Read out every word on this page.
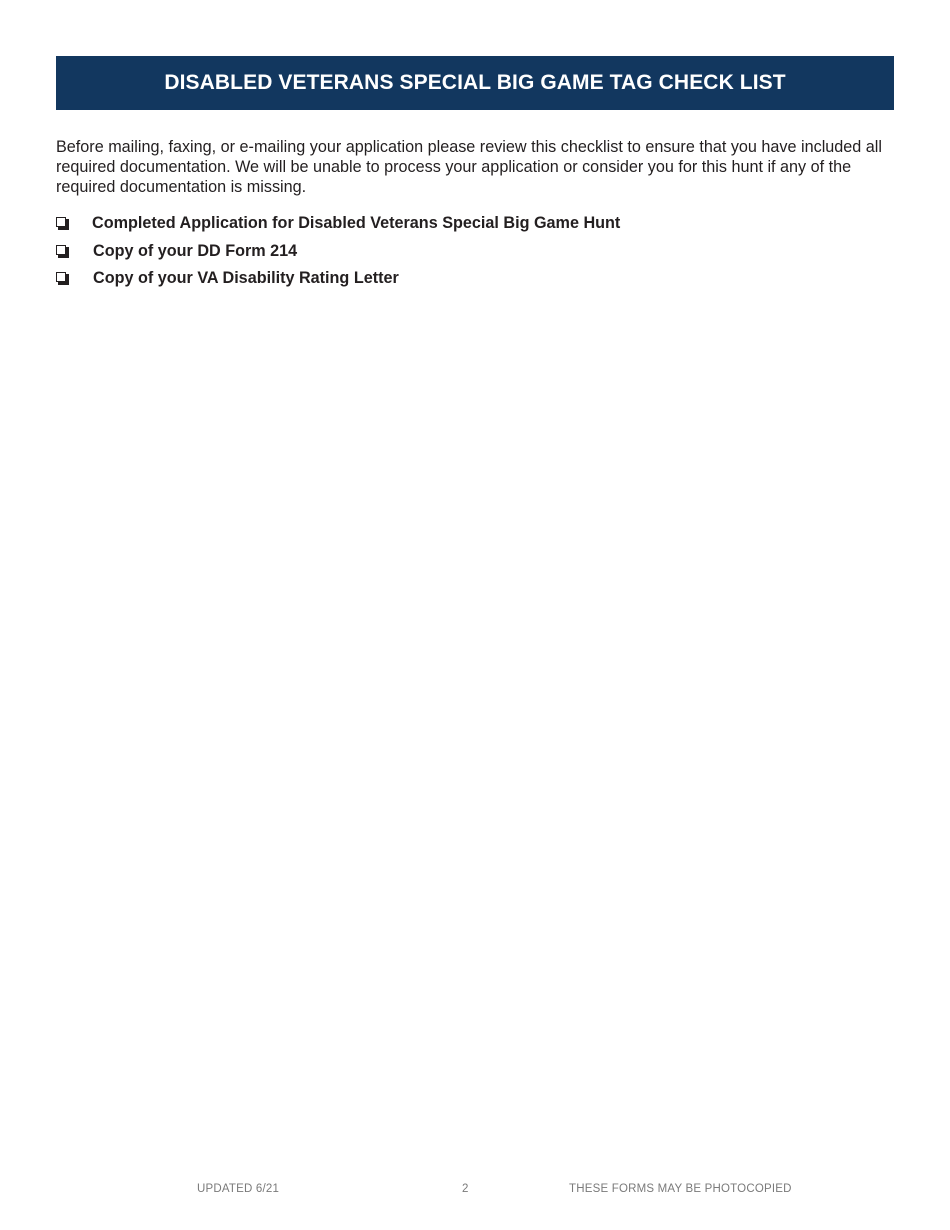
DISABLED VETERANS SPECIAL BIG GAME TAG CHECK LIST

Before mailing, faxing, or e-mailing your application please review this checklist to ensure that you have included all required documentation. We will be unable to process your application or consider you for this hunt if any of the required documentation is missing.

Completed Application for Disabled Veterans Special Big Game Hunt
Copy of your DD Form 214
Copy of your VA Disability Rating Letter
UPDATED 6/21	2	THESE FORMS MAY BE PHOTOCOPIED
